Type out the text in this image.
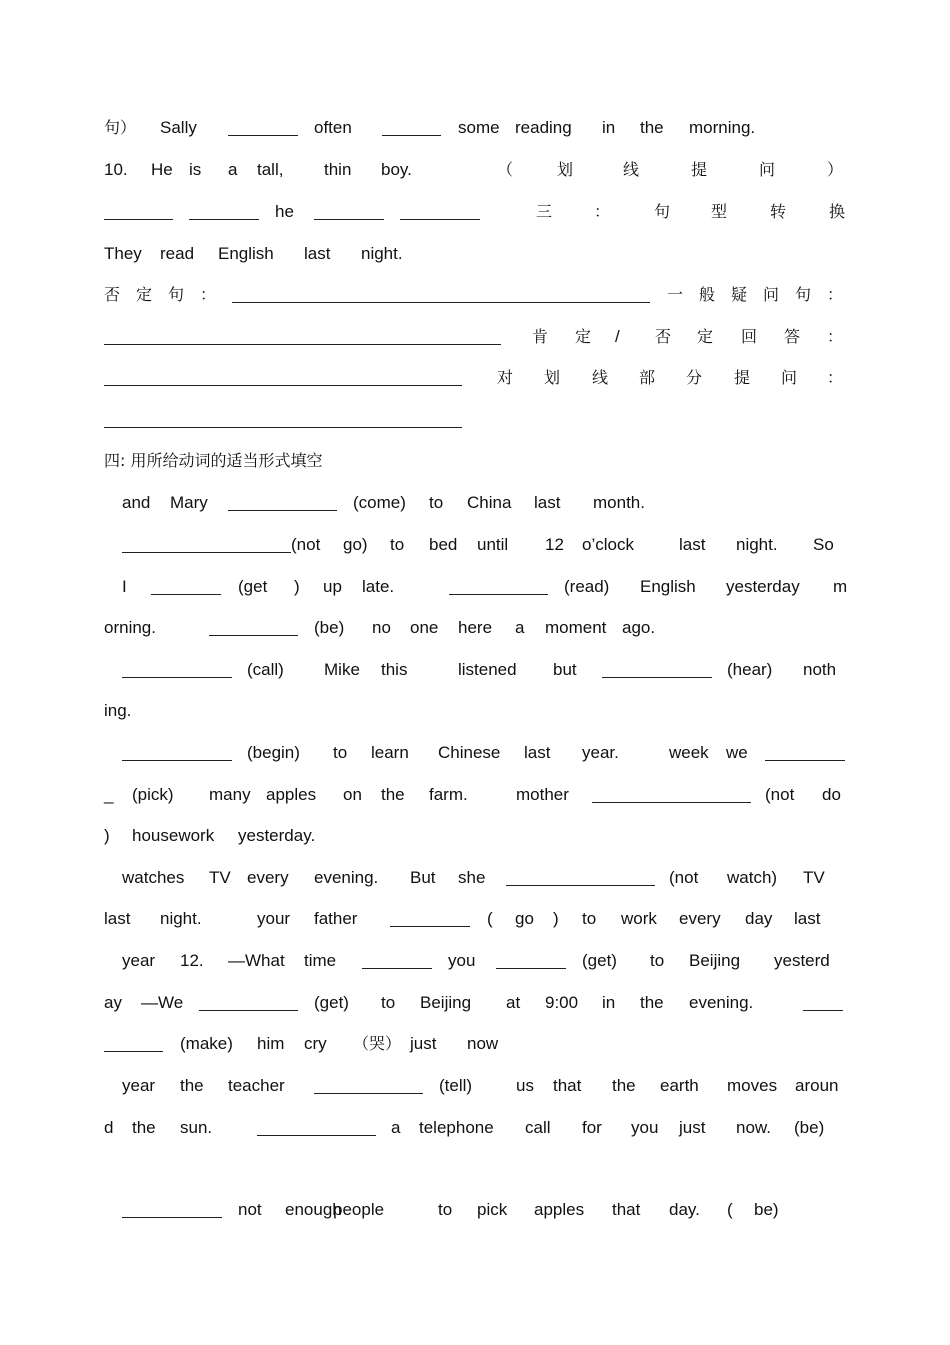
句） Sally	often	some reading in the morning.
10. He is a tall, thin boy.	（	划	线	提	问	）
he	三	：	句	型	转	换
They read English last night.
否 定 句 ：	一 般 疑 问 句 ：
肯 定 / 否 定 回 答 ：
对 划 线 部 分 提 问 ：
四: 用所给动词的适当形式填空
and Mary	(come) to China last month.
(not go) to bed until 12 o’clock	last night. So
I	(get ) up late.	(read) English yesterday m
orning.	(be) no one here a moment ago.
(call) Mike this	listened but	(hear) noth
ing.
(begin) to learn Chinese last year.	week we
_ (pick) many apples on the farm.	mother	(not do
) housework yesterday.
watches TV every evening. But she	(not watch) TV
last night.	your father	( go ) to work every day last
year 12. —What time	you	(get) to Beijing yesterd
ay —We	(get) to Beijing at 9:00 in the evening.
(make) him cry （哭） just now
year the teacher	(tell)	us that the earth moves aroun
d the sun.	a telephone call for you just now. (be)
not enough
people	to pick apples that day. ( be)
